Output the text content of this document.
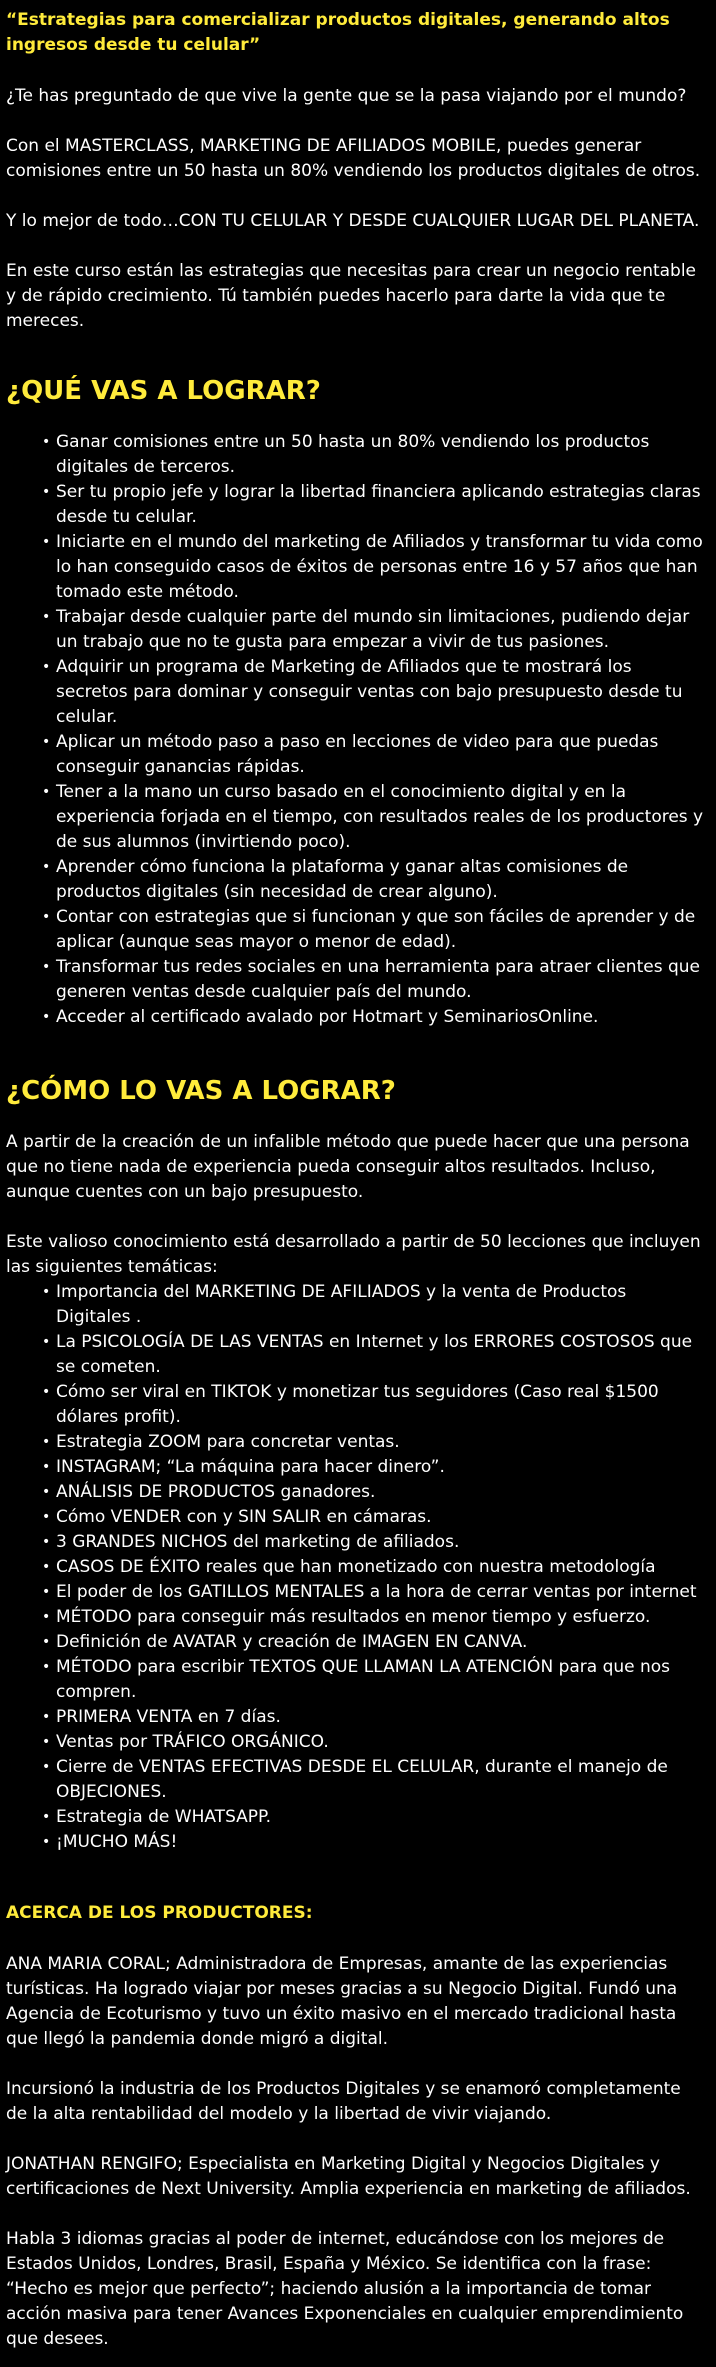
“Estrategias para comercializar productos digitales, generando altos ingresos desde tu celular”

¿Te has preguntado de que vive la gente que se la pasa viajando por el mundo?

Con el MASTERCLASS, MARKETING DE AFILIADOS MOBILE, puedes generar comisiones entre un 50 hasta un 80% vendiendo los productos digitales de otros.

Y lo mejor de todo…CON TU CELULAR Y DESDE CUALQUIER LUGAR DEL PLANETA.

En este curso están las estrategias que necesitas para crear un negocio rentable y de rápido crecimiento. Tú también puedes hacerlo para darte la vida que te mereces.

¿QUÉ VAS A LOGRAR?
• Ganar comisiones entre un 50 hasta un 80% vendiendo los productos digitales de terceros.
• Ser tu propio jefe y lograr la libertad financiera aplicando estrategias claras desde tu celular.
• Iniciarte en el mundo del marketing de Afiliados y transformar tu vida como lo han conseguido casos de éxitos de personas entre 16 y 57 años que han tomado este método.
• Trabajar desde cualquier parte del mundo sin limitaciones, pudiendo dejar un trabajo que no te gusta para empezar a vivir de tus pasiones.
• Adquirir un programa de Marketing de Afiliados que te mostrará los secretos para dominar y conseguir ventas con bajo presupuesto desde tu celular.
• Aplicar un método paso a paso en lecciones de video para que puedas conseguir ganancias rápidas.
• Tener a la mano un curso basado en el conocimiento digital y en la experiencia forjada en el tiempo, con resultados reales de los productores y de sus alumnos (invirtiendo poco).
• Aprender cómo funciona la plataforma y ganar altas comisiones de productos digitales (sin necesidad de crear alguno).
• Contar con estrategias que si funcionan y que son fáciles de aprender y de aplicar (aunque seas mayor o menor de edad).
• Transformar tus redes sociales en una herramienta para atraer clientes que generen ventas desde cualquier país del mundo.
• Acceder al certificado avalado por Hotmart y SeminariosOnline.
¿CÓMO LO VAS A LOGRAR?

A partir de la creación de un infalible método que puede hacer que una persona que no tiene nada de experiencia pueda conseguir altos resultados. Incluso, aunque cuentes con un bajo presupuesto.

Este valioso conocimiento está desarrollado a partir de 50 lecciones que incluyen las siguientes temáticas:

• Importancia del MARKETING DE AFILIADOS y la venta de Productos Digitales .
• La PSICOLOGÍA DE LAS VENTAS en Internet y los ERRORES COSTOSOS que se cometen.
• Cómo ser viral en TIKTOK y monetizar tus seguidores (Caso real $1500 dólares profit).
• Estrategia ZOOM para concretar ventas.
• INSTAGRAM; “La máquina para hacer dinero”.
• ANÁLISIS DE PRODUCTOS ganadores.
• Cómo VENDER con y SIN SALIR en cámaras.
• 3 GRANDES NICHOS del marketing de afiliados.
• CASOS DE ÉXITO reales que han monetizado con nuestra metodología
• El poder de los GATILLOS MENTALES a la hora de cerrar ventas por internet
• MÉTODO para conseguir más resultados en menor tiempo y esfuerzo.
• Definición de AVATAR y creación de IMAGEN EN CANVA.
• MÉTODO para escribir TEXTOS QUE LLAMAN LA ATENCIÓN para que nos compren.
• PRIMERA VENTA en 7 días.
• Ventas por TRÁFICO ORGÁNICO.
• Cierre de VENTAS EFECTIVAS DESDE EL CELULAR, durante el manejo de OBJECIONES.
• Estrategia de WHATSAPP.
• ¡MUCHO MÁS!
ACERCA DE LOS PRODUCTORES:

ANA MARIA CORAL; Administradora de Empresas, amante de las experiencias turísticas. Ha logrado viajar por meses gracias a su Negocio Digital. Fundó una Agencia de Ecoturismo y tuvo un éxito masivo en el mercado tradicional hasta que llegó la pandemia donde migró a digital.

Incursionó la industria de los Productos Digitales y se enamoró completamente de la alta rentabilidad del modelo y la libertad de vivir viajando.

JONATHAN RENGIFO; Especialista en Marketing Digital y Negocios Digitales y certificaciones de Next University. Amplia experiencia en marketing de afiliados.

Habla 3 idiomas gracias al poder de internet, educándose con los mejores de Estados Unidos, Londres, Brasil, España y México. Se identifica con la frase: “Hecho es mejor que perfecto”; haciendo alusión a la importancia de tomar acción masiva para tener Avances Exponenciales en cualquier emprendimiento que desees.
